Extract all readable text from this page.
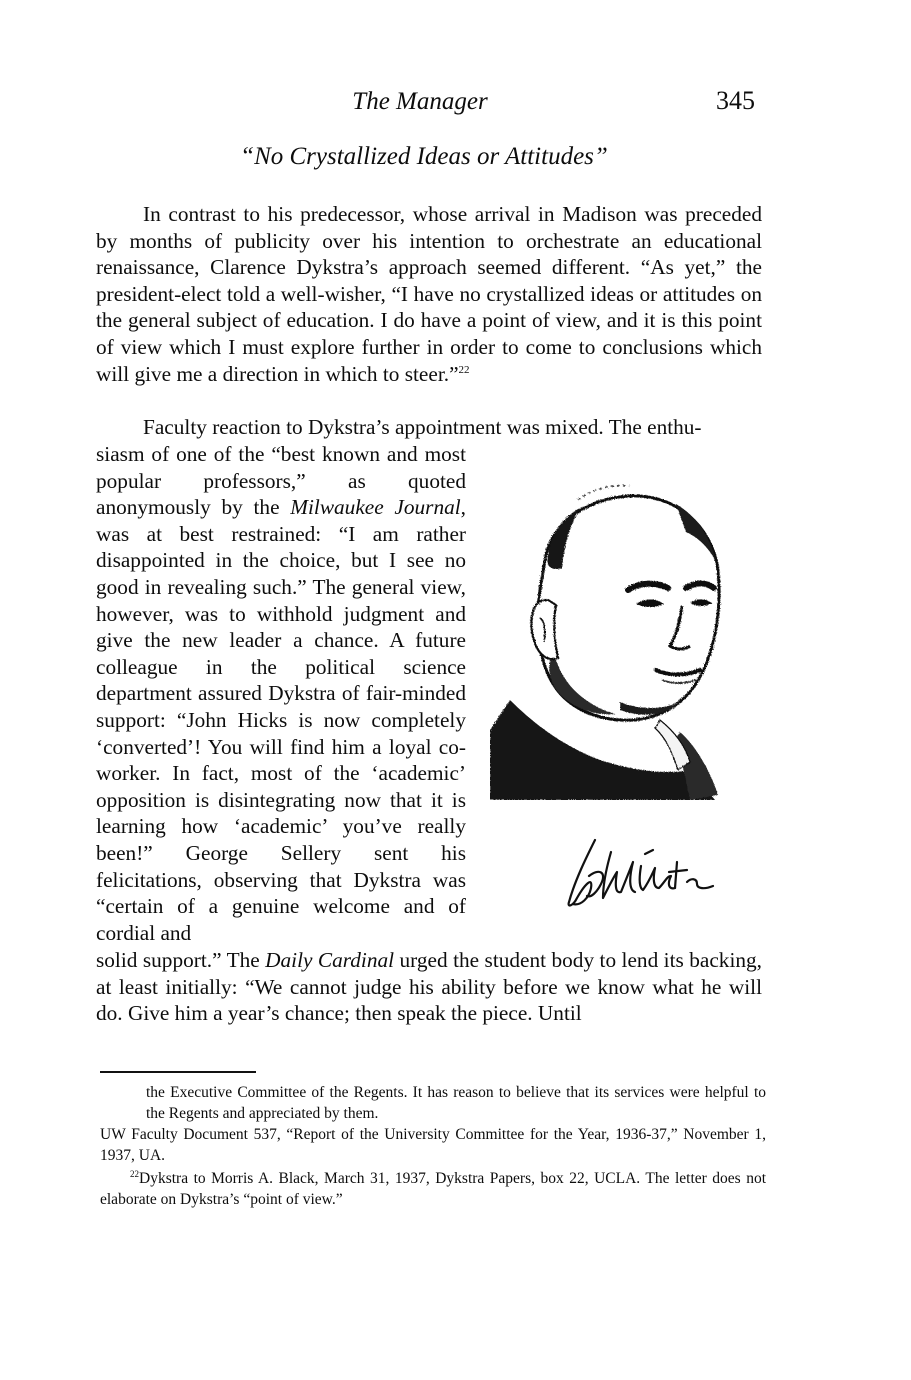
The Manager	345
“No Crystallized Ideas or Attitudes”

In contrast to his predecessor, whose arrival in Madison was preceded by months of publicity over his intention to orchestrate an educational renaissance, Clarence Dykstra’s approach seemed different. “As yet,” the president-elect told a well-wisher, “I have no crystallized ideas or attitudes on the general subject of education. I do have a point of view, and it is this point of view which I must explore further in order to come to conclusions which will give me a direction in which to steer.”$^{22}$

Faculty reaction to Dykstra’s appointment was mixed. The enthu-

siasm of one of the “best known and most popular professors,” as quoted anonymously by the Milwaukee Journal, was at best restrained: “I am rather disappointed in the choice, but I see no good in revealing such.” The general view, however, was to withhold judgment and give the new leader a chance. A future colleague in the political science department assured Dykstra of fair-minded support: “John Hicks is now completely ‘converted’! You will find him a loyal co-worker. In fact, most of the ‘academic’ opposition is disintegrating now that it is learning how ‘academic’ you’ve really been!” George Sellery sent his felicitations, observing that Dykstra was “certain of a genuine welcome and of cordial and

solid support.” The Daily Cardinal urged the student body to lend its backing, at least initially: “We cannot judge his ability before we know what he will do. Give him a year’s chance; then speak the piece. Until

the Executive Committee of the Regents. It has reason to believe that its services were helpful to the Regents and appreciated by them.

UW Faculty Document 537, “Report of the University Committee for the Year, 1936-37,” November 1, 1937, UA.

$^{22}$Dykstra to Morris A. Black, March 31, 1937, Dykstra Papers, box 22, UCLA. The letter does not elaborate on Dykstra’s “point of view.”
